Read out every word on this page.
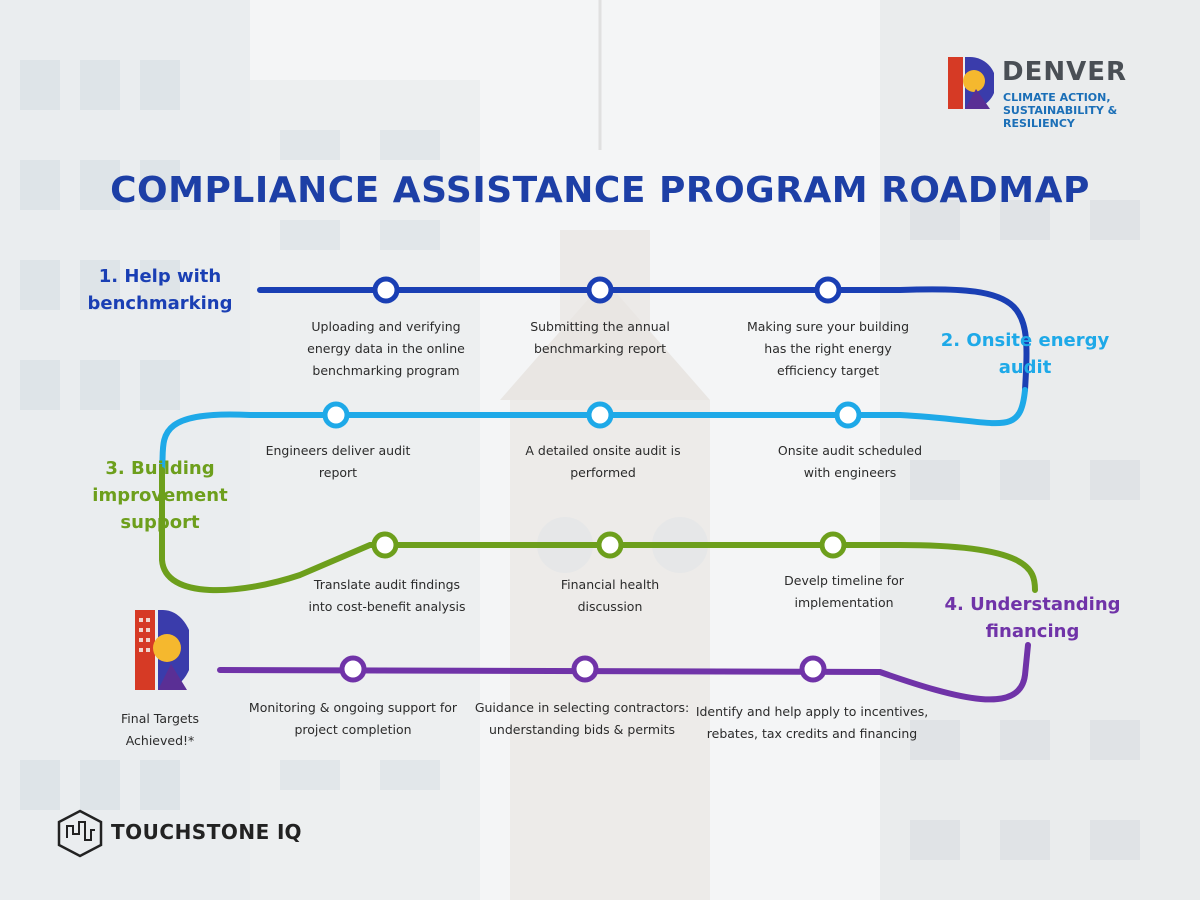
DENVER
CLIMATE ACTION,
SUSTAINABILITY &
RESILIENCY
COMPLIANCE ASSISTANCE PROGRAM ROADMAP
1. Help with
benchmarking
2. Onsite energy
audit
3. Building
improvement
support
4. Understanding
financing
Uploading and verifying
energy data in the online
benchmarking program
Submitting the annual
benchmarking report
Making sure your building
has the right energy
efficiency target
Engineers deliver audit
report
A detailed onsite audit is
performed
Onsite audit scheduled
with engineers
Translate audit findings
into cost-benefit analysis
Financial health
discussion
Develp timeline for
implementation
Monitoring & ongoing support for
project completion
Guidance in selecting contractors:
understanding bids & permits
Identify and help apply to incentives,
rebates, tax credits and financing
Final Targets
Achieved!*
TOUCHSTONE IQ
